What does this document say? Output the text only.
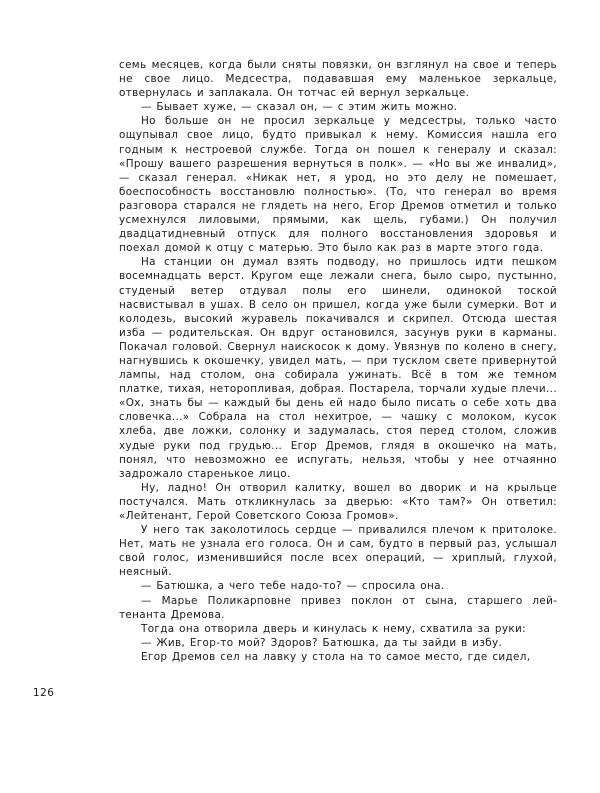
семь месяцев, когда были сняты повязки, он взглянул на свое и теперь не свое лицо. Медсестра, подававшая ему маленькое зеркальце, отвернулась и заплакала. Он тотчас ей вернул зеркальце.

— Бывает хуже, — сказал он, — с этим жить можно.

Но больше он не просил зеркальце у медсестры, только часто ощупывал свое лицо, будто привыкал к нему. Комиссия нашла его годным к нестроевой службе. Тогда он пошел к генералу и сказал: «Прошу вашего разрешения вернуться в полк». — «Но вы же инвалид», — сказал генерал. «Никак нет, я урод, но это делу не помешает, боеспособность восстановлю полностью». (То, что генерал во время разговора старался не глядеть на него, Егор Дремов отметил и только усмехнулся лиловыми, прямыми, как щель, губами.) Он получил двадцатидневный отпуск для полного восстановления здоровья и поехал домой к отцу с матерью. Это было как раз в марте этого года.

На станции он думал взять подводу, но пришлось идти пешком восемнадцать верст. Кругом еще лежали снега, было сыро, пустынно, студеный ветер отдувал полы его шинели, одинокой тоской насвистывал в ушах. В село он пришел, когда уже были сумерки. Вот и колодезь, высокий журавель покачивался и скрипел. Отсюда шестая изба — родительская. Он вдруг остановился, засунув руки в карманы. Покачал головой. Свернул наискосок к дому. Увязнув по колено в снегу, нагнувшись к окошечку, увидел мать, — при тусклом свете привернутой лампы, над столом, она собирала ужинать. Всё в том же темном платке, тихая, неторопливая, добрая. Постарела, торчали худые плечи... «Ох, знать бы — каждый бы день ей надо было писать о себе хоть два словечка...» Собрала на стол нехитрое, — чашку с молоком, кусок хлеба, две ложки, солонку и задумалась, стоя перед столом, сложив худые руки под грудью... Егор Дремов, глядя в окошечко на мать, понял, что невозможно ее испугать, нельзя, чтобы у нее отчаянно задрожало старенькое лицо.

Ну, ладно! Он отворил калитку, вошел во дворик и на крыльце постучался. Мать откликнулась за дверью: «Кто там?» Он ответил: «Лейтенант, Герой Советского Союза Громов».

У него так заколотилось сердце — привалился плечом к притолоке. Нет, мать не узнала его голоса. Он и сам, будто в первый раз, услышал свой голос, изменившийся после всех операций, — хриплый, глухой, неясный.

— Батюшка, а чего тебе надо-то? — спросила она.

— Марье Поликарповне привез поклон от сына, старшего лейтенанта Дремова.

Тогда она отворила дверь и кинулась к нему, схватила за руки:

— Жив, Егор-то мой? Здоров? Батюшка, да ты зайди в избу.

Егор Дремов сел на лавку у стола на то самое место, где сидел,

126
